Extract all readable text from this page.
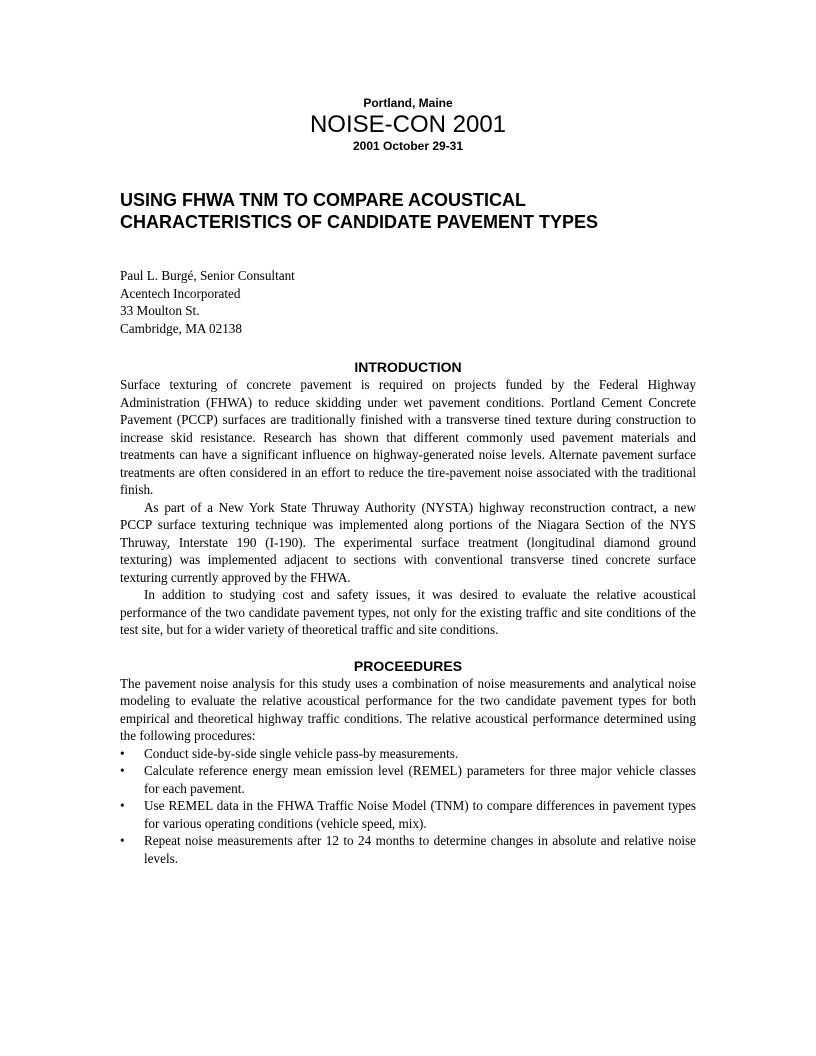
Portland, Maine
NOISE-CON 2001
2001 October 29-31
USING FHWA TNM TO COMPARE ACOUSTICAL
CHARACTERISTICS OF CANDIDATE PAVEMENT TYPES
Paul L. Burgé, Senior Consultant
Acentech Incorporated
33 Moulton St.
Cambridge, MA 02138
INTRODUCTION

Surface texturing of concrete pavement is required on projects funded by the Federal Highway Administration (FHWA) to reduce skidding under wet pavement conditions. Portland Cement Concrete Pavement (PCCP) surfaces are traditionally finished with a transverse tined texture during construction to increase skid resistance. Research has shown that different commonly used pavement materials and treatments can have a significant influence on highway-generated noise levels. Alternate pavement surface treatments are often considered in an effort to reduce the tire-pavement noise associated with the traditional finish.

As part of a New York State Thruway Authority (NYSTA) highway reconstruction contract, a new PCCP surface texturing technique was implemented along portions of the Niagara Section of the NYS Thruway, Interstate 190 (I-190). The experimental surface treatment (longitudinal diamond ground texturing) was implemented adjacent to sections with conventional transverse tined concrete surface texturing currently approved by the FHWA.

In addition to studying cost and safety issues, it was desired to evaluate the relative acoustical performance of the two candidate pavement types, not only for the existing traffic and site conditions of the test site, but for a wider variety of theoretical traffic and site conditions.

PROCEEDURES

The pavement noise analysis for this study uses a combination of noise measurements and analytical noise modeling to evaluate the relative acoustical performance for the two candidate pavement types for both empirical and theoretical highway traffic conditions. The relative acoustical performance determined using the following procedures:

•	Conduct side-by-side single vehicle pass-by measurements.
•	Calculate reference energy mean emission level (REMEL) parameters for three major vehicle classes for each pavement.
•	Use REMEL data in the FHWA Traffic Noise Model (TNM) to compare differences in pavement types for various operating conditions (vehicle speed, mix).
•	Repeat noise measurements after 12 to 24 months to determine changes in absolute and relative noise levels.
